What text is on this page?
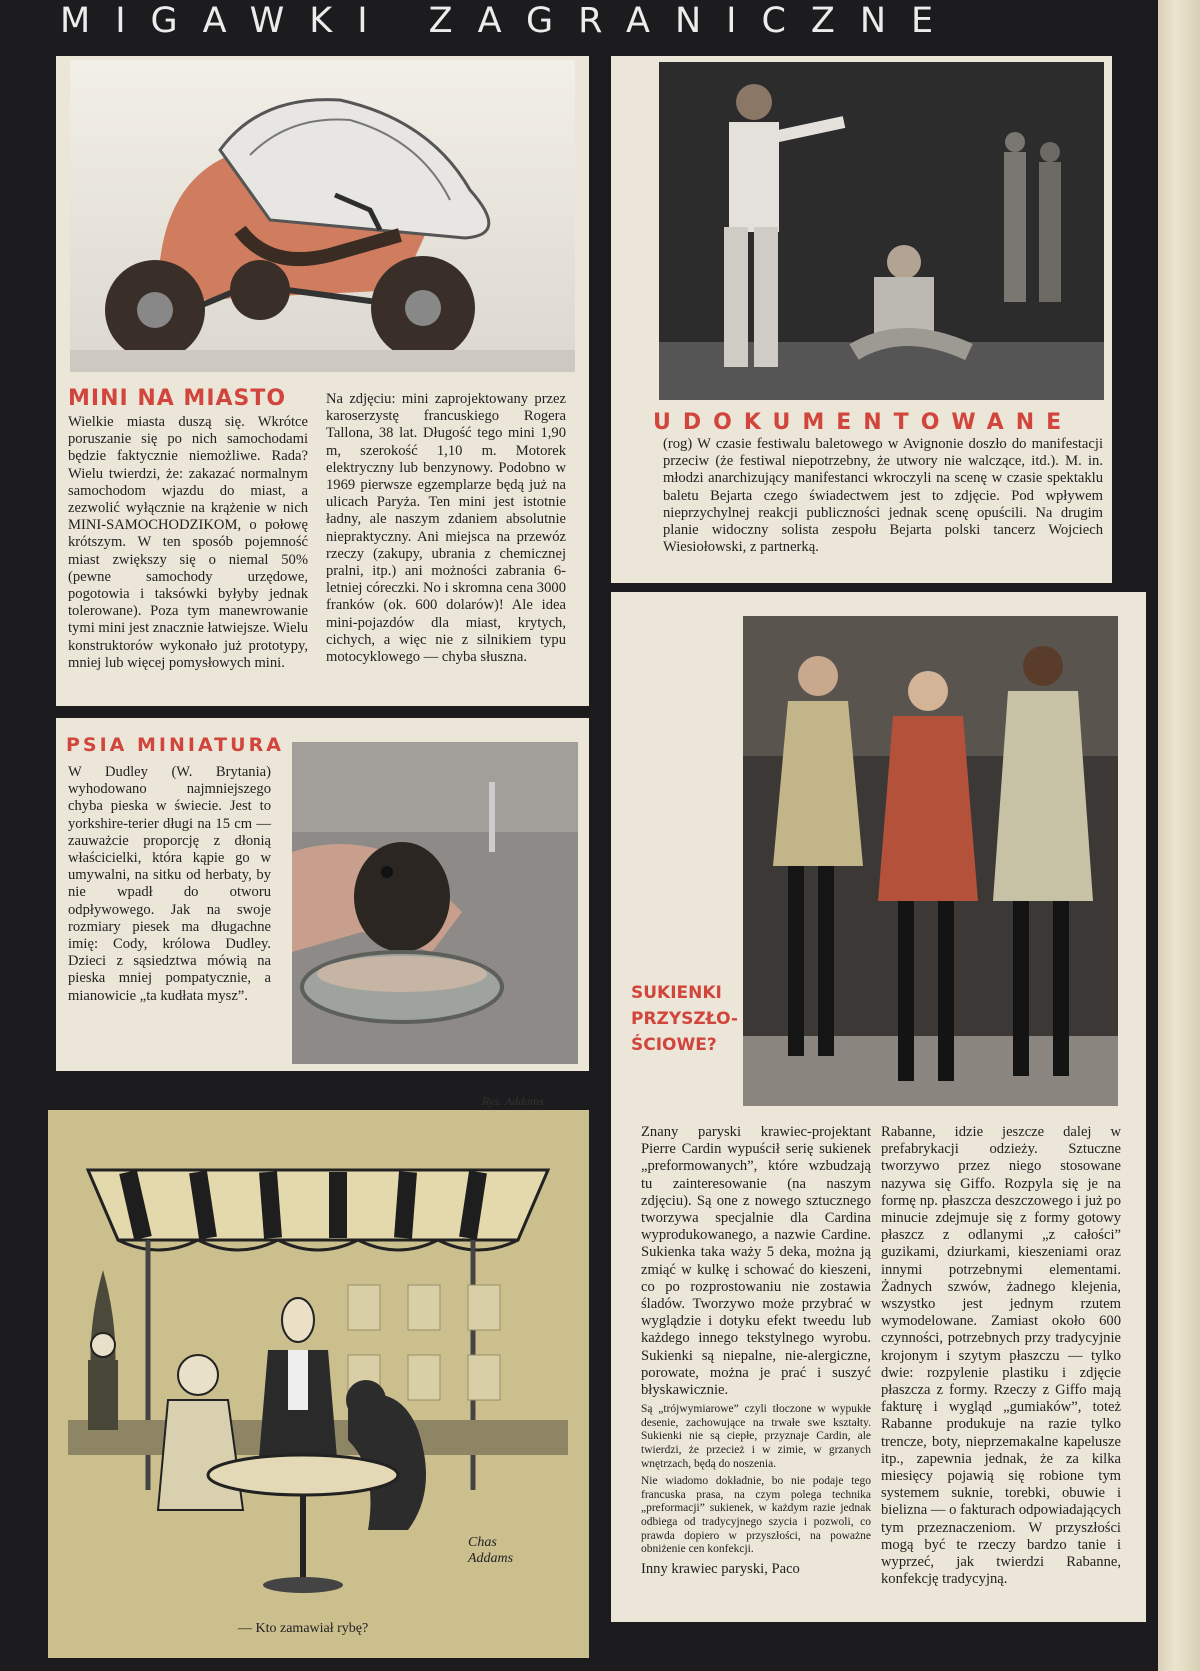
MIGAWKI ZAGRANICZNE
MINI NA MIASTO

Wielkie miasta duszą się. Wkrótce poruszanie się po nich samochodami będzie faktycznie niemożliwe. Rada? Wielu twierdzi, że: zakazać normalnym samochodom wjazdu do miast, a zezwolić wyłącznie na krążenie w nich MINI-SAMOCHODZIKOM, o połowę krótszym. W ten sposób pojemność miast zwiększy się o niemal 50% (pewne samochody urzędowe, pogotowia i taksówki byłyby jednak tolerowane). Poza tym manewrowanie tymi mini jest znacznie łatwiejsze. Wielu konstruktorów wykonało już prototypy, mniej lub więcej pomysłowych mini.

Na zdjęciu: mini zaprojektowany przez karoserzystę francuskiego Rogera Tallona, 38 lat. Długość tego mini 1,90 m, szerokość 1,10 m. Motorek elektryczny lub benzynowy. Podobno w 1969 pierwsze egzemplarze będą już na ulicach Paryża. Ten mini jest istotnie ładny, ale naszym zdaniem absolutnie niepraktyczny. Ani miejsca na przewóz rzeczy (zakupy, ubrania z chemicznej pralni, itp.) ani możności zabrania 6-letniej córeczki. No i skromna cena 3000 franków (ok. 600 dolarów)! Ale idea mini-pojazdów dla miast, krytych, cichych, a więc nie z silnikiem typu motocyklowego — chyba słuszna.

UDOKUMENTOWANE

(rog) W czasie festiwalu baletowego w Avignonie doszło do manifestacji przeciw (że festiwal niepotrzebny, że utwory nie walczące, itd.). M. in. młodzi anarchizujący manifestanci wkroczyli na scenę w czasie spektaklu baletu Bejarta czego świadectwem jest to zdjęcie. Pod wpływem nieprzychylnej reakcji publiczności jednak scenę opuścili. Na drugim planie widoczny solista zespołu Bejarta polski tancerz Wojciech Wiesiołowski, z partnerką.

PSIA MINIATURA

W Dudley (W. Brytania) wyhodowano najmniejszego chyba pieska w świecie. Jest to yorkshire-terier długi na 15 cm — zauważcie proporcję z dłonią właścicielki, która kąpie go w umywalni, na sitku od herbaty, by nie wpadł do otworu odpływowego. Jak na swoje rozmiary piesek ma długachne imię: Cody, królowa Dudley. Dzieci z sąsiedztwa mówią na pieska mniej pompatycznie, a mianowicie „ta kudłata mysz”.

Rys. Addams
Chas Addams
— Kto zamawiał rybę?
SUKIENKI
PRZYSZŁO-
ŚCIOWE?

Znany paryski krawiec-projektant Pierre Cardin wypuścił serię sukienek „preformowanych”, które wzbudzają tu zainteresowanie (na naszym zdjęciu). Są one z nowego sztucznego tworzywa specjalnie dla Cardina wyprodukowanego, a nazwie Cardine. Sukienka taka waży 5 deka, można ją zmiąć w kulkę i schować do kieszeni, co po rozprostowaniu nie zostawia śladów. Tworzywo może przybrać w wyglądzie i dotyku efekt tweedu lub każdego innego tekstylnego wyrobu. Sukienki są niepalne, nie-alergiczne, porowate, można je prać i suszyć błyskawicznie.

Są „trójwymiarowe” czyli tłoczone w wypukłe desenie, zachowujące na trwałe swe kształty. Sukienki nie są ciepłe, przyznaje Cardin, ale twierdzi, że przecież i w zimie, w grzanych wnętrzach, będą do noszenia.

Nie wiadomo dokładnie, bo nie podaje tego francuska prasa, na czym polega technika „preformacji” sukienek, w każdym razie jednak odbiega od tradycyjnego szycia i pozwoli, co prawda dopiero w przyszłości, na poważne obniżenie cen konfekcji.

Inny krawiec paryski, Paco

Rabanne, idzie jeszcze dalej w prefabrykacji odzieży. Sztuczne tworzywo przez niego stosowane nazywa się Giffo. Rozpyla się je na formę np. płaszcza deszczowego i już po minucie zdejmuje się z formy gotowy płaszcz z odlanymi „z całości” guzikami, dziurkami, kieszeniami oraz innymi potrzebnymi elementami. Żadnych szwów, żadnego klejenia, wszystko jest jednym rzutem wymodelowane. Zamiast około 600 czynności, potrzebnych przy tradycyjnie krojonym i szytym płaszczu — tylko dwie: rozpylenie plastiku i zdjęcie płaszcza z formy. Rzeczy z Giffo mają fakturę i wygląd „gumiaków”, toteż Rabanne produkuje na razie tylko trencze, boty, nieprzemakalne kapelusze itp., zapewnia jednak, że za kilka miesięcy pojawią się robione tym systemem suknie, torebki, obuwie i bielizna — o fakturach odpowiadających tym przeznaczeniom. W przyszłości mogą być te rzeczy bardzo tanie i wyprzeć, jak twierdzi Rabanne, konfekcję tradycyjną.
